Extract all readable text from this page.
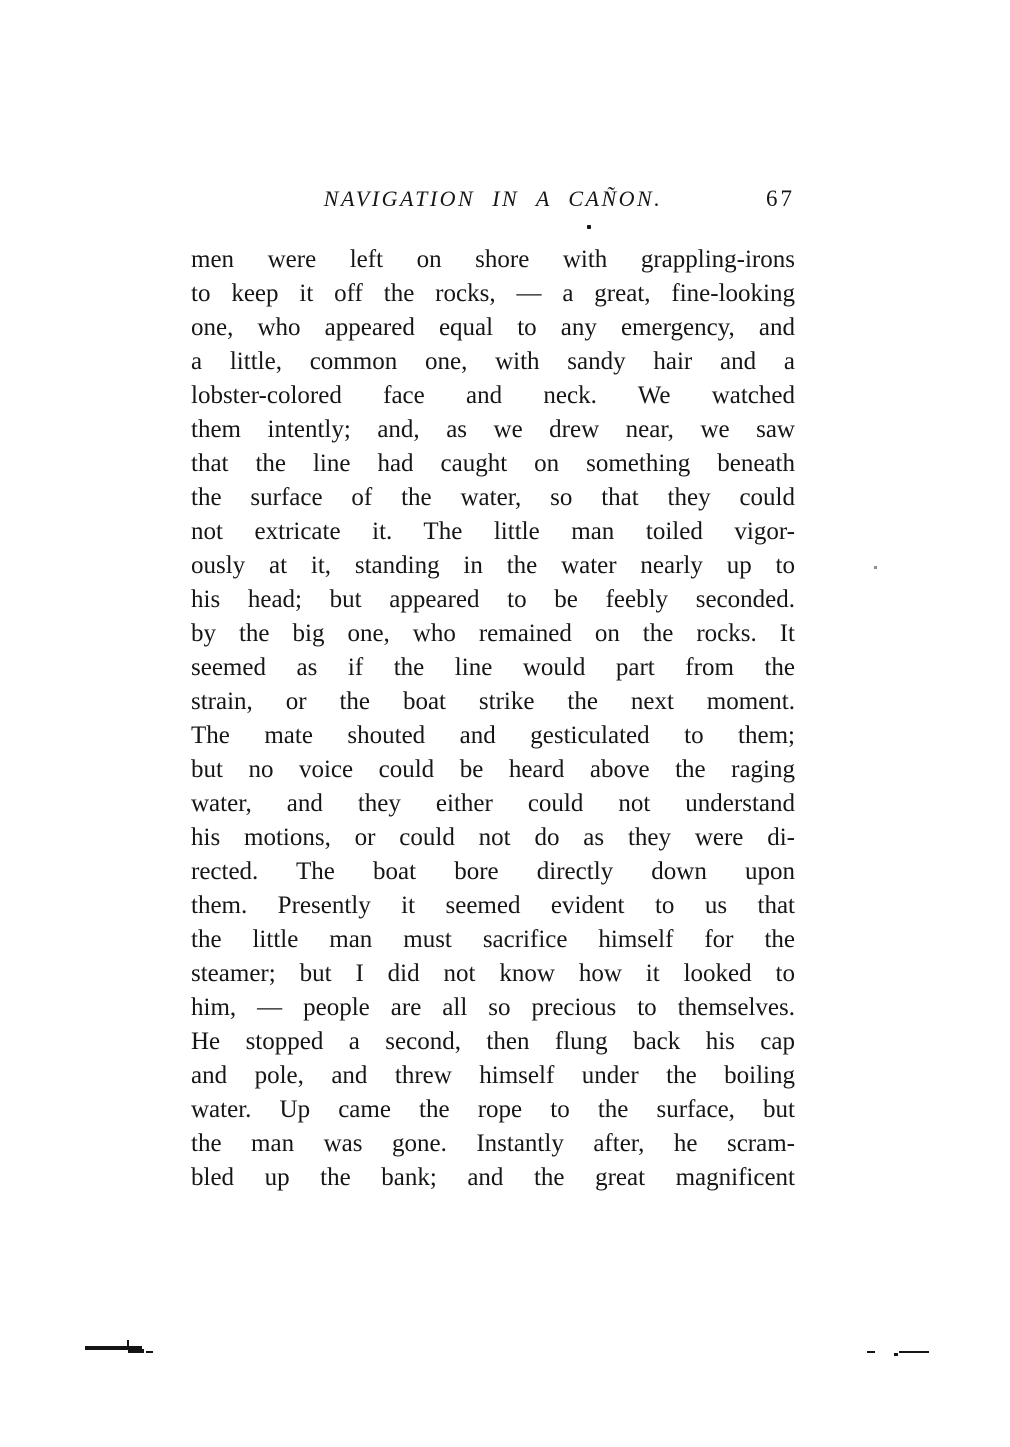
NAVIGATION IN A CAÑON.	67
men were left on shore with grappling-irons
to keep it off the rocks, — a great, fine-looking
one, who appeared equal to any emergency, and
a little, common one, with sandy hair and a
lobster-colored face and neck. We watched
them intently; and, as we drew near, we saw
that the line had caught on something beneath
the surface of the water, so that they could
not extricate it. The little man toiled vigor-
ously at it, standing in the water nearly up to
his head; but appeared to be feebly seconded.
by the big one, who remained on the rocks. It
seemed as if the line would part from the
strain, or the boat strike the next moment.
The mate shouted and gesticulated to them;
but no voice could be heard above the raging
water, and they either could not understand
his motions, or could not do as they were di-
rected. The boat bore directly down upon
them. Presently it seemed evident to us that
the little man must sacrifice himself for the
steamer; but I did not know how it looked to
him, — people are all so precious to themselves.
He stopped a second, then flung back his cap
and pole, and threw himself under the boiling
water. Up came the rope to the surface, but
the man was gone. Instantly after, he scram-
bled up the bank; and the great magnificent
